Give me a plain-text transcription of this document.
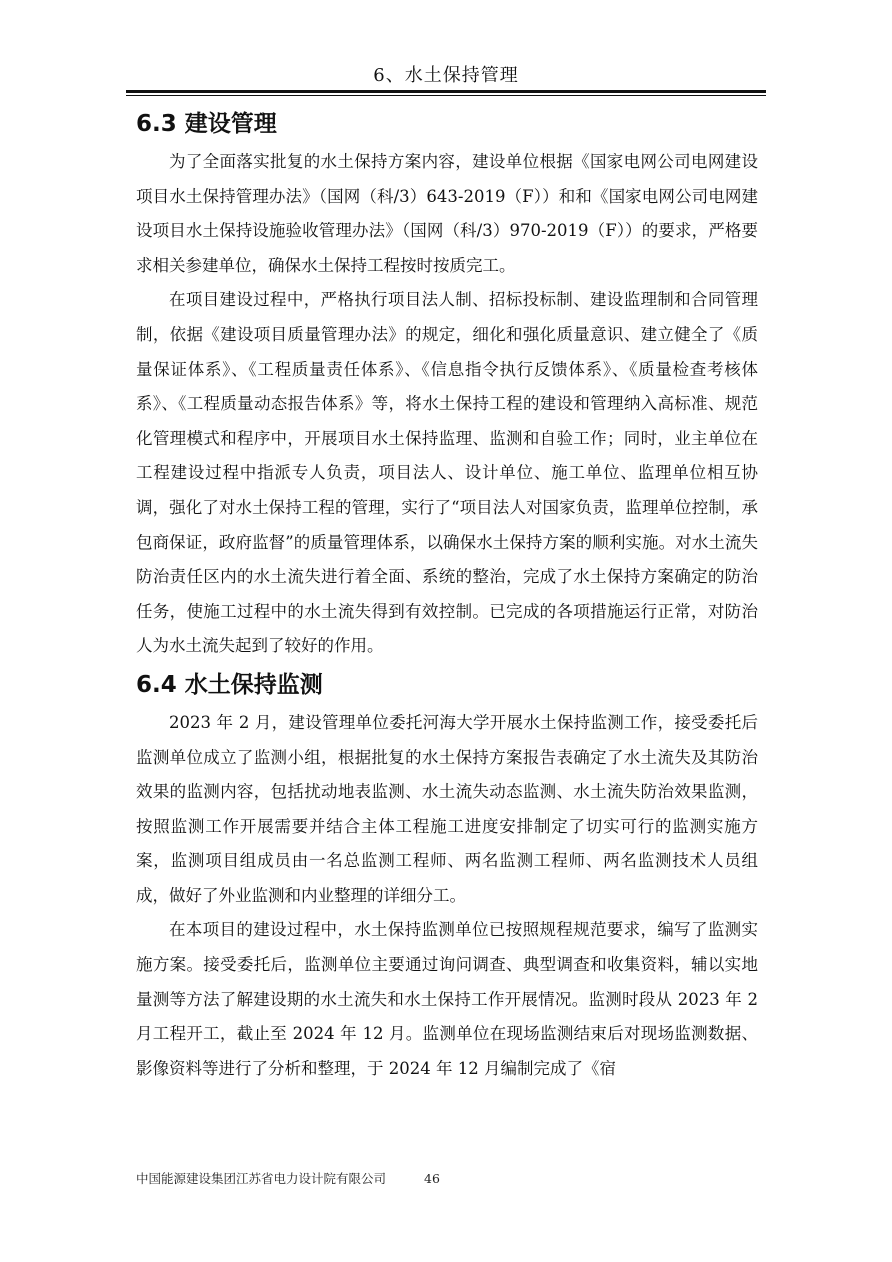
6、水土保持管理
6.3 建设管理

为了全面落实批复的水土保持方案内容，建设单位根据《国家电网公司电网建设项目水土保持管理办法》（国网（科/3）643-2019（F））和和《国家电网公司电网建设项目水土保持设施验收管理办法》（国网（科/3）970-2019（F））的要求，严格要求相关参建单位，确保水土保持工程按时按质完工。

在项目建设过程中，严格执行项目法人制、招标投标制、建设监理制和合同管理制，依据《建设项目质量管理办法》的规定，细化和强化质量意识、建立健全了《质量保证体系》、《工程质量责任体系》、《信息指令执行反馈体系》、《质量检查考核体系》、《工程质量动态报告体系》等，将水土保持工程的建设和管理纳入高标准、规范化管理模式和程序中，开展项目水土保持监理、监测和自验工作；同时，业主单位在工程建设过程中指派专人负责，项目法人、设计单位、施工单位、监理单位相互协调，强化了对水土保持工程的管理，实行了“项目法人对国家负责，监理单位控制，承包商保证，政府监督”的质量管理体系，以确保水土保持方案的顺利实施。对水土流失防治责任区内的水土流失进行着全面、系统的整治，完成了水土保持方案确定的防治任务，使施工过程中的水土流失得到有效控制。已完成的各项措施运行正常，对防治人为水土流失起到了较好的作用。

6.4 水土保持监测

2023 年 2 月，建设管理单位委托河海大学开展水土保持监测工作，接受委托后监测单位成立了监测小组，根据批复的水土保持方案报告表确定了水土流失及其防治效果的监测内容，包括扰动地表监测、水土流失动态监测、水土流失防治效果监测，按照监测工作开展需要并结合主体工程施工进度安排制定了切实可行的监测实施方案，监测项目组成员由一名总监测工程师、两名监测工程师、两名监测技术人员组成，做好了外业监测和内业整理的详细分工。

在本项目的建设过程中，水土保持监测单位已按照规程规范要求，编写了监测实施方案。接受委托后，监测单位主要通过询问调查、典型调查和收集资料，辅以实地量测等方法了解建设期的水土流失和水土保持工作开展情况。监测时段从 2023 年 2 月工程开工，截止至 2024 年 12 月。监测单位在现场监测结束后对现场监测数据、影像资料等进行了分析和整理，于 2024 年 12 月编制完成了《宿

中国能源建设集团江苏省电力设计院有限公司	46
